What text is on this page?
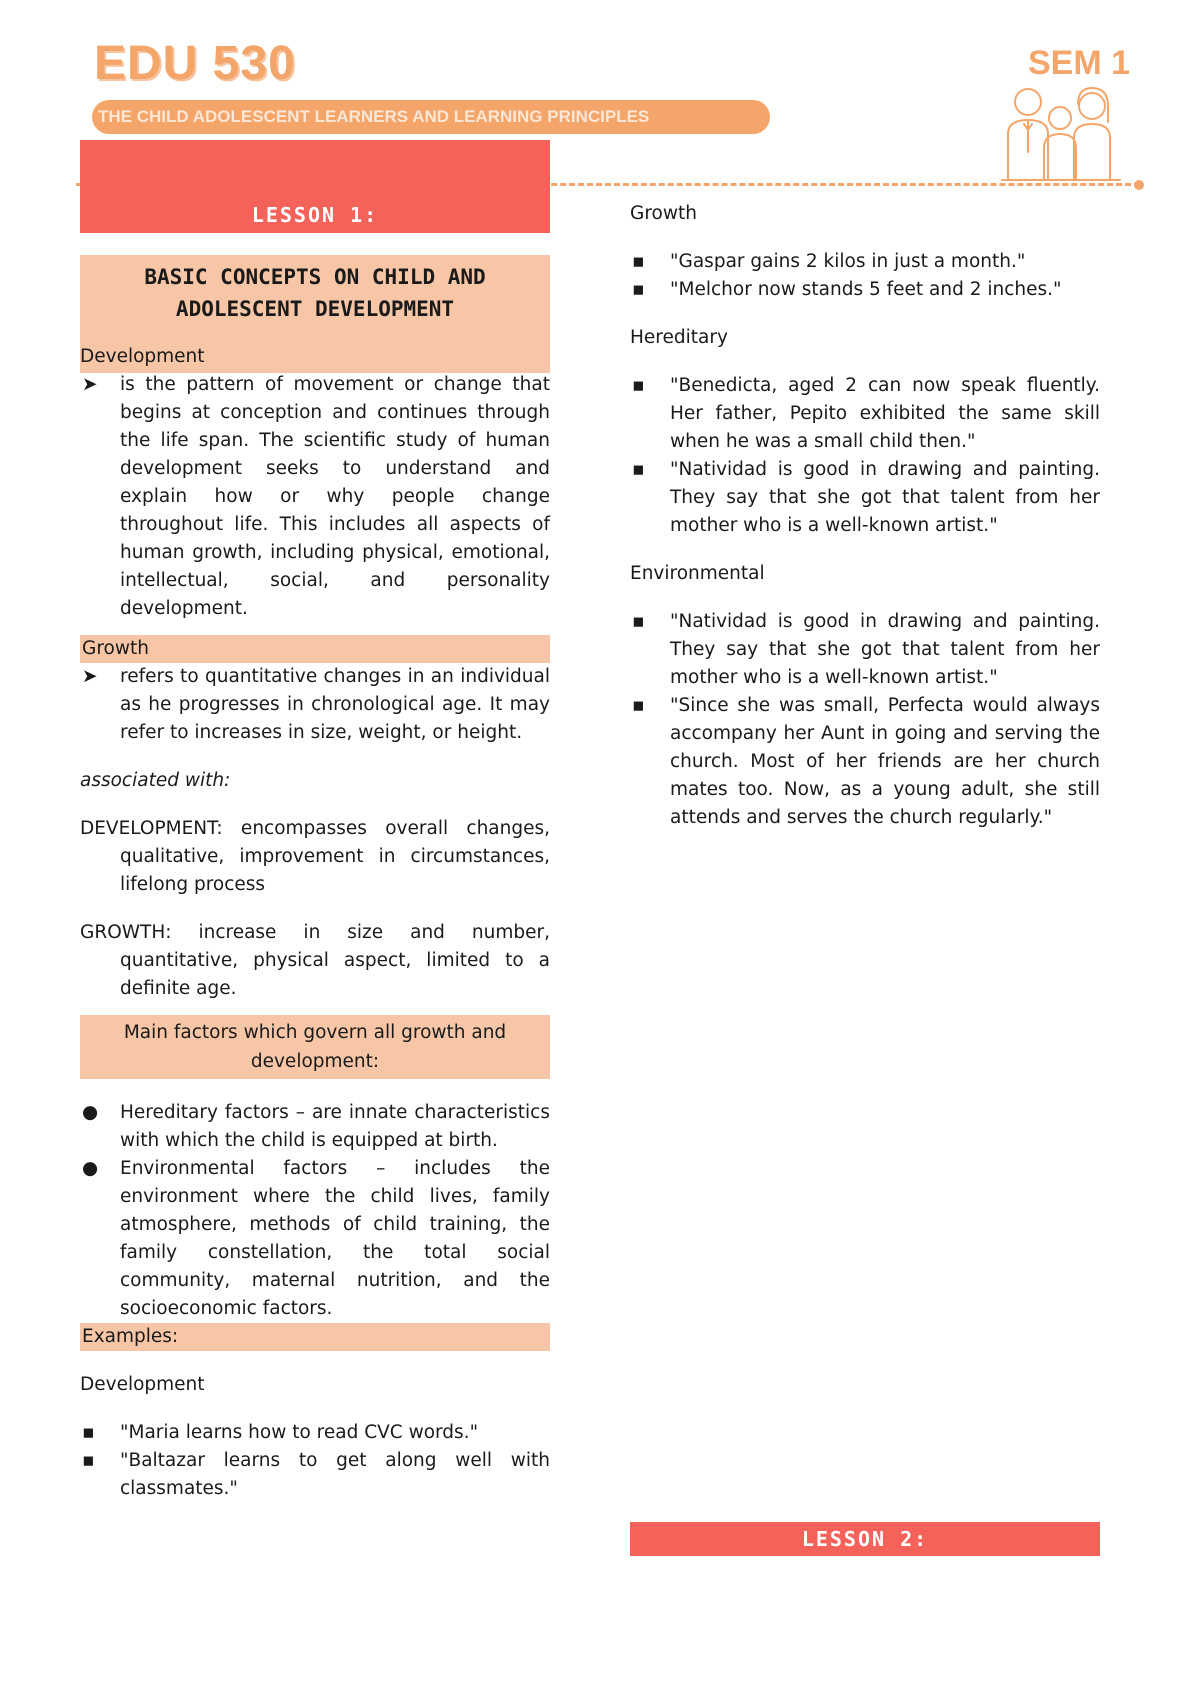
EDU 530
THE CHILD ADOLESCENT LEARNERS AND LEARNING PRINCIPLES
SEM 1
LESSON 1:

BASIC CONCEPTS ON CHILD AND ADOLESCENT DEVELOPMENT

Development
➤ is the pattern of movement or change that begins at conception and continues through the life span. The scientific study of human development seeks to understand and explain how or why people change throughout life. This includes all aspects of human growth, including physical, emotional, intellectual, social, and personality development.
Growth
➤ refers to quantitative changes in an individual as he progresses in chronological age. It may refer to increases in size, weight, or height.
associated with:
DEVELOPMENT: encompasses overall changes, qualitative, improvement in circumstances, lifelong process
GROWTH: increase in size and number, quantitative, physical aspect, limited to a definite age.
Main factors which govern all growth and development:
● Hereditary factors – are innate characteristics with which the child is equipped at birth.
● Environmental factors – includes the environment where the child lives, family atmosphere, methods of child training, the family constellation, the total social community, maternal nutrition, and the socioeconomic factors.
Examples:
Development
▪ "Maria learns how to read CVC words."
▪ "Baltazar learns to get along well with classmates."
Growth
▪ "Gaspar gains 2 kilos in just a month."
▪ "Melchor now stands 5 feet and 2 inches."
Hereditary
▪ "Benedicta, aged 2 can now speak fluently. Her father, Pepito exhibited the same skill when he was a small child then."
▪ "Natividad is good in drawing and painting. They say that she got that talent from her mother who is a well-known artist."
Environmental
▪ "Natividad is good in drawing and painting. They say that she got that talent from her mother who is a well-known artist."
▪ "Since she was small, Perfecta would always accompany her Aunt in going and serving the church. Most of her friends are her church mates too. Now, as a young adult, she still attends and serves the church regularly."
LESSON 2:
